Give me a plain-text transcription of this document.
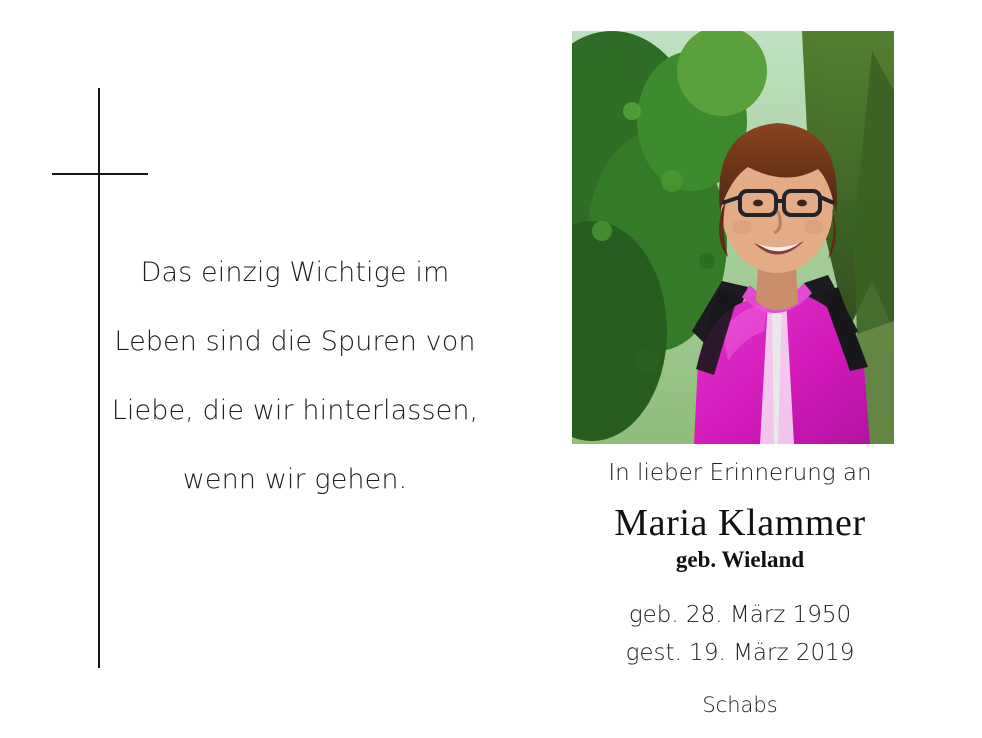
Das einzig Wichtige im
Leben sind die Spuren von
Liebe, die wir hinterlassen,
wenn wir gehen.	In lieber Erinnerung an
Maria Klammer
geb. Wieland
geb. 28. März 1950
gest. 19. März 2019
Schabs
